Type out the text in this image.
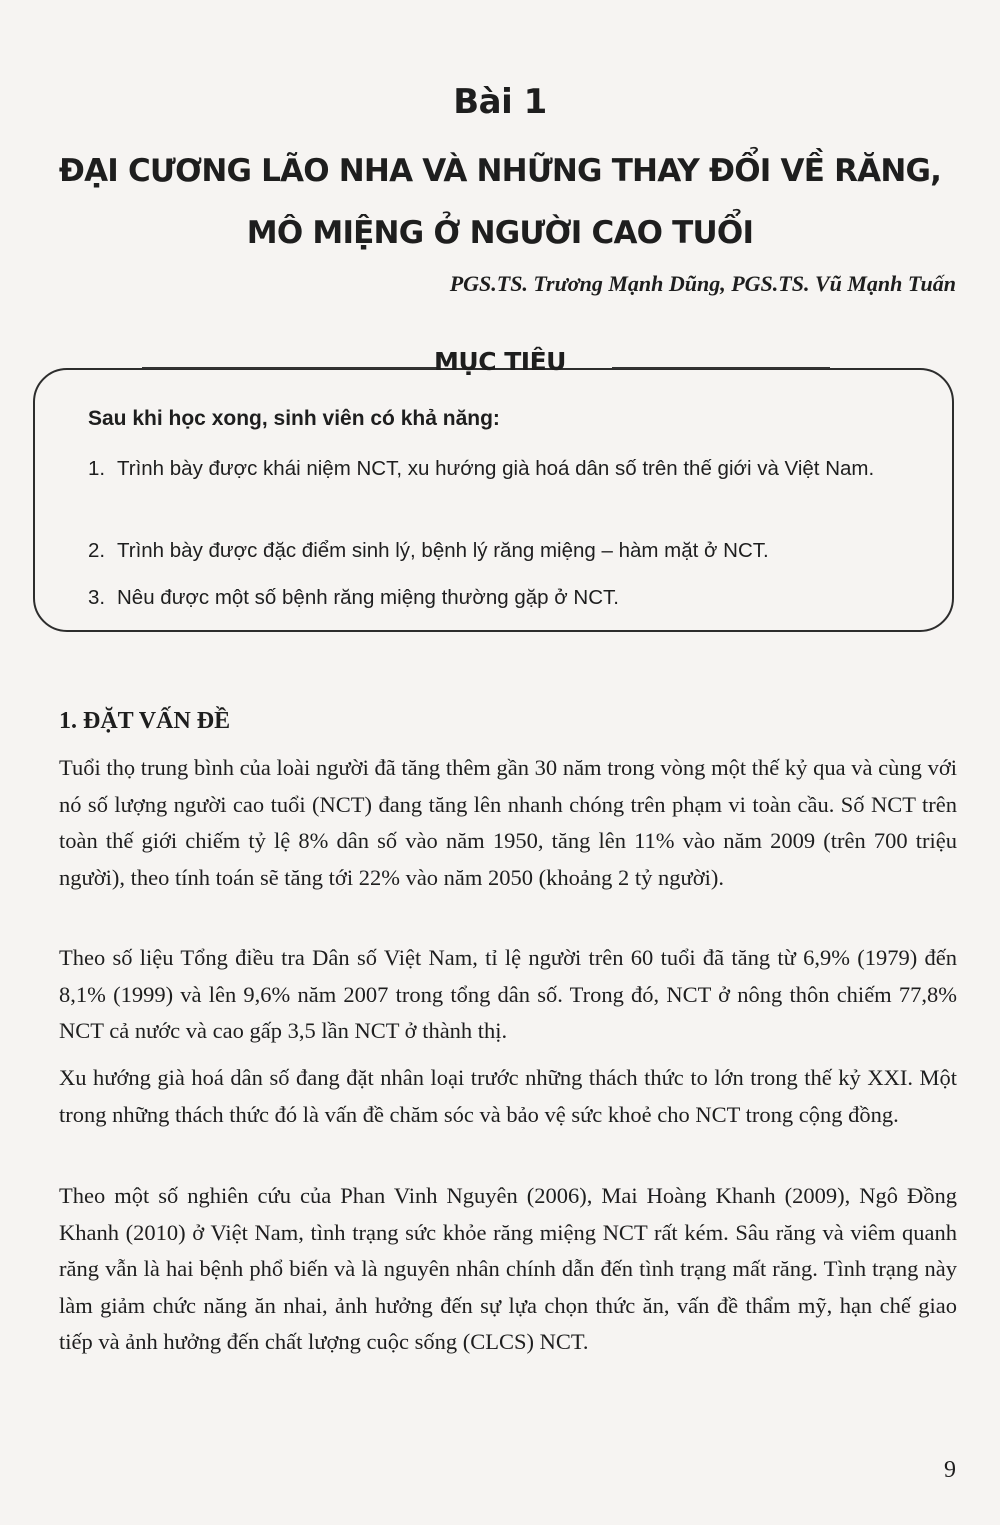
Bài 1
ĐẠI CƯƠNG LÃO NHA VÀ NHỮNG THAY ĐỔI VỀ RĂNG,
MÔ MIỆNG Ở NGƯỜI CAO TUỔI
PGS.TS. Trương Mạnh Dũng, PGS.TS. Vũ Mạnh Tuấn
MỤC TIÊU
Sau khi học xong, sinh viên có khả năng:
1. Trình bày được khái niệm NCT, xu hướng già hoá dân số trên thế giới và Việt Nam.
2. Trình bày được đặc điểm sinh lý, bệnh lý răng miệng – hàm mặt ở NCT.
3. Nêu được một số bệnh răng miệng thường gặp ở NCT.
1. ĐẶT VẤN ĐỀ

Tuổi thọ trung bình của loài người đã tăng thêm gần 30 năm trong vòng một thế kỷ qua và cùng với nó số lượng người cao tuổi (NCT) đang tăng lên nhanh chóng trên phạm vi toàn cầu. Số NCT trên toàn thế giới chiếm tỷ lệ 8% dân số vào năm 1950, tăng lên 11% vào năm 2009 (trên 700 triệu người), theo tính toán sẽ tăng tới 22% vào năm 2050 (khoảng 2 tỷ người).

Theo số liệu Tổng điều tra Dân số Việt Nam, tỉ lệ người trên 60 tuổi đã tăng từ 6,9% (1979) đến 8,1% (1999) và lên 9,6% năm 2007 trong tổng dân số. Trong đó, NCT ở nông thôn chiếm 77,8% NCT cả nước và cao gấp 3,5 lần NCT ở thành thị.

Xu hướng già hoá dân số đang đặt nhân loại trước những thách thức to lớn trong thế kỷ XXI. Một trong những thách thức đó là vấn đề chăm sóc và bảo vệ sức khoẻ cho NCT trong cộng đồng.

Theo một số nghiên cứu của Phan Vinh Nguyên (2006), Mai Hoàng Khanh (2009), Ngô Đồng Khanh (2010) ở Việt Nam, tình trạng sức khỏe răng miệng NCT rất kém. Sâu răng và viêm quanh răng vẫn là hai bệnh phổ biến và là nguyên nhân chính dẫn đến tình trạng mất răng. Tình trạng này làm giảm chức năng ăn nhai, ảnh hưởng đến sự lựa chọn thức ăn, vấn đề thẩm mỹ, hạn chế giao tiếp và ảnh hưởng đến chất lượng cuộc sống (CLCS) NCT.

9
